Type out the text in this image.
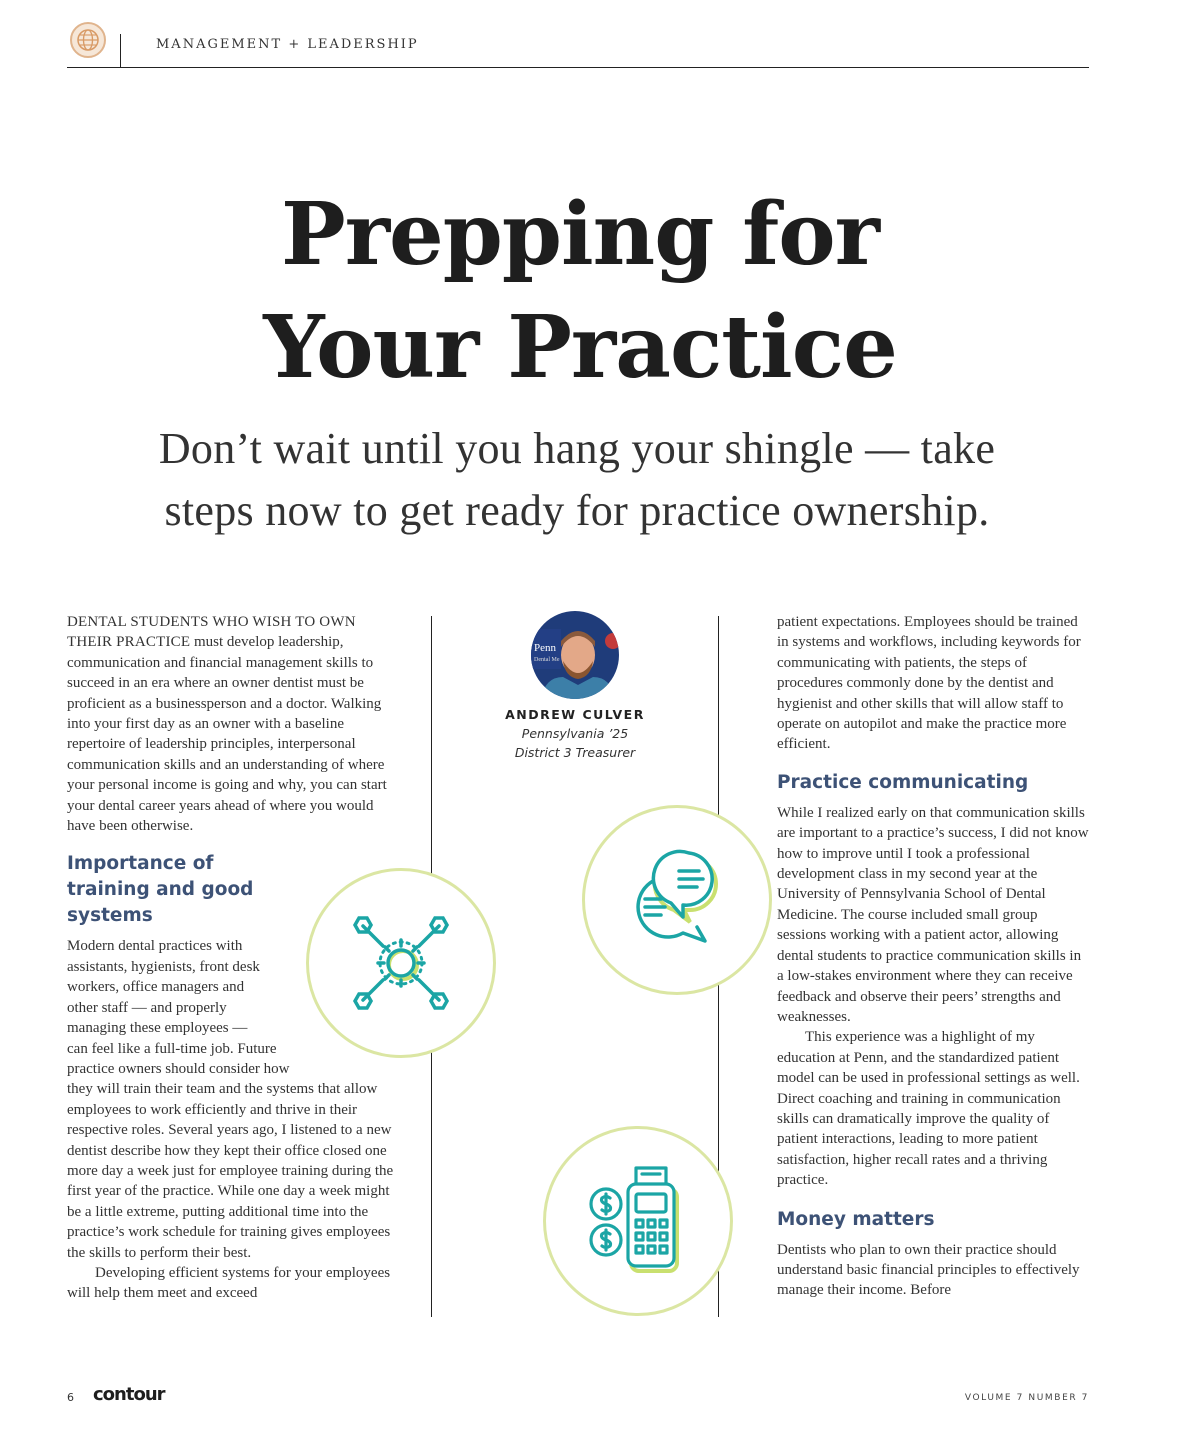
MANAGEMENT + LEADERSHIP
Prepping for
Your Practice
Don’t wait until you hang your shingle — take
steps now to get ready for practice ownership.

DENTAL STUDENTS WHO WISH TO OWN THEIR PRACTICE must develop leadership, communication and financial management skills to succeed in an era where an owner dentist must be proficient as a businessperson and a doctor. Walking into your first day as an owner with a baseline repertoire of leadership principles, interpersonal communication skills and an understanding of where your personal income is going and why, you can start your dental career years ahead of where you would have been otherwise.

Importance of training and good systems

Modern dental practices with assistants, hygienists, front desk workers, office managers and other staff — and properly managing these employees — can feel like a full-time job. Future practice owners should consider how they will train their team and the systems that allow employees to work efficiently and thrive in their respective roles. Several years ago, I listened to a new dentist describe how they kept their office closed one more day a week just for employee training during the first year of the practice. While one day a week might be a little extreme, putting additional time into the practice’s work schedule for training gives employees the skills to perform their best.

Developing efficient systems for your employees will help them meet and exceed

Penn
Dental Me
ANDREW CULVER
Pennsylvania ’25
District 3 Treasurer

patient expectations. Employees should be trained in systems and workflows, including keywords for communicating with patients, the steps of procedures commonly done by the dentist and hygienist and other skills that will allow staff to operate on autopilot and make the practice more efficient.

Practice communicating

While I realized early on that communication skills are important to a practice’s success, I did not know how to improve until I took a professional development class in my second year at the University of Pennsylvania School of Dental Medicine. The course included small group sessions working with a patient actor, allowing dental students to practice communication skills in a low-stakes environment where they can receive feedback and observe their peers’ strengths and weaknesses.

This experience was a highlight of my education at Penn, and the standardized patient model can be used in professional settings as well. Direct coaching and training in communication skills can dramatically improve the quality of patient interactions, leading to more patient satisfaction, higher recall rates and a thriving practice.

Money matters

Dentists who plan to own their practice should understand basic financial principles to effectively manage their income. Before

6 contour	VOLUME 7 NUMBER 7
